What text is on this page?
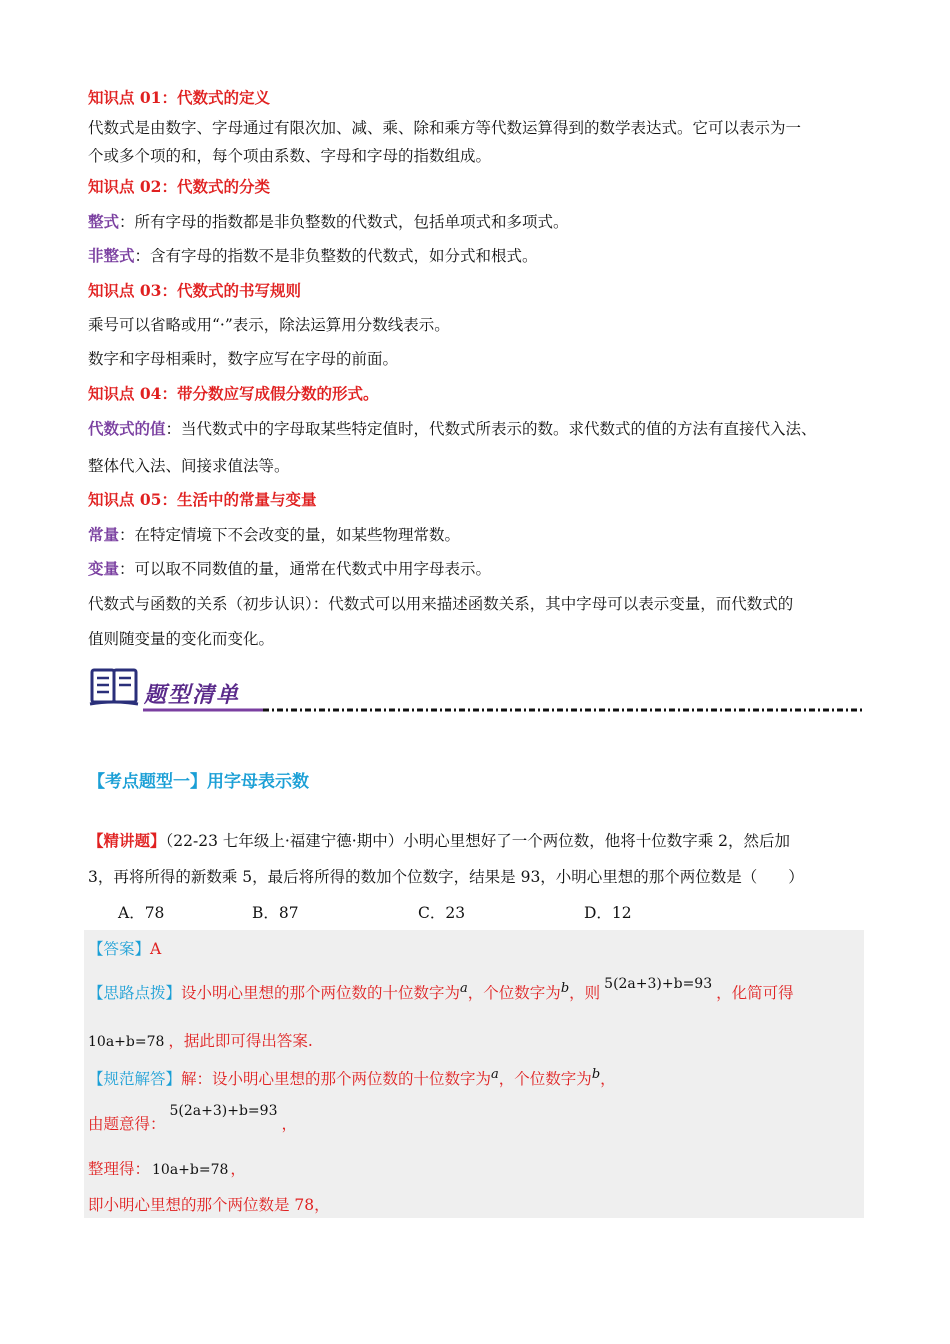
知识点 01：代数式的定义
代数式是由数字、字母通过有限次加、减、乘、除和乘方等代数运算得到的数学表达式。它可以表示为一
个或多个项的和，每个项由系数、字母和字母的指数组成。
知识点 02：代数式的分类
整式：所有字母的指数都是非负整数的代数式，包括单项式和多项式。
非整式：含有字母的指数不是非负整数的代数式，如分式和根式。
知识点 03：代数式的书写规则
乘号可以省略或用“·”表示，除法运算用分数线表示。
数字和字母相乘时，数字应写在字母的前面。
知识点 04：带分数应写成假分数的形式。
代数式的值：当代数式中的字母取某些特定值时，代数式所表示的数。求代数式的值的方法有直接代入法、
整体代入法、间接求值法等。
知识点 05：生活中的常量与变量
常量：在特定情境下不会改变的量，如某些物理常数。
变量：可以取不同数值的量，通常在代数式中用字母表示。
代数式与函数的关系（初步认识）：代数式可以用来描述函数关系，其中字母可以表示变量，而代数式的
值则随变量的变化而变化。
题型清单
【考点题型一】用字母表示数
【精讲题】（22-23 七年级上·福建宁德·期中）小明心里想好了一个两位数，他将十位数字乘 2，然后加
3，再将所得的新数乘 5，最后将所得的数加个位数字，结果是 93，小明心里想的那个两位数是（　　）
A．78	B．87	C．23	D．12
【答案】A
【思路点拨】设小明心里想的那个两位数的十位数字为$^a$，个位数字为$^b$，则 5(2a+3)+b=93 ，化简可得
10a+b=78 ，据此即可得出答案.
【规范解答】解：设小明心里想的那个两位数的十位数字为$^a$，个位数字为$^b$，
由题意得：5(2a+3)+b=93，
整理得： 10a+b=78 ，
即小明心里想的那个两位数是 78，
